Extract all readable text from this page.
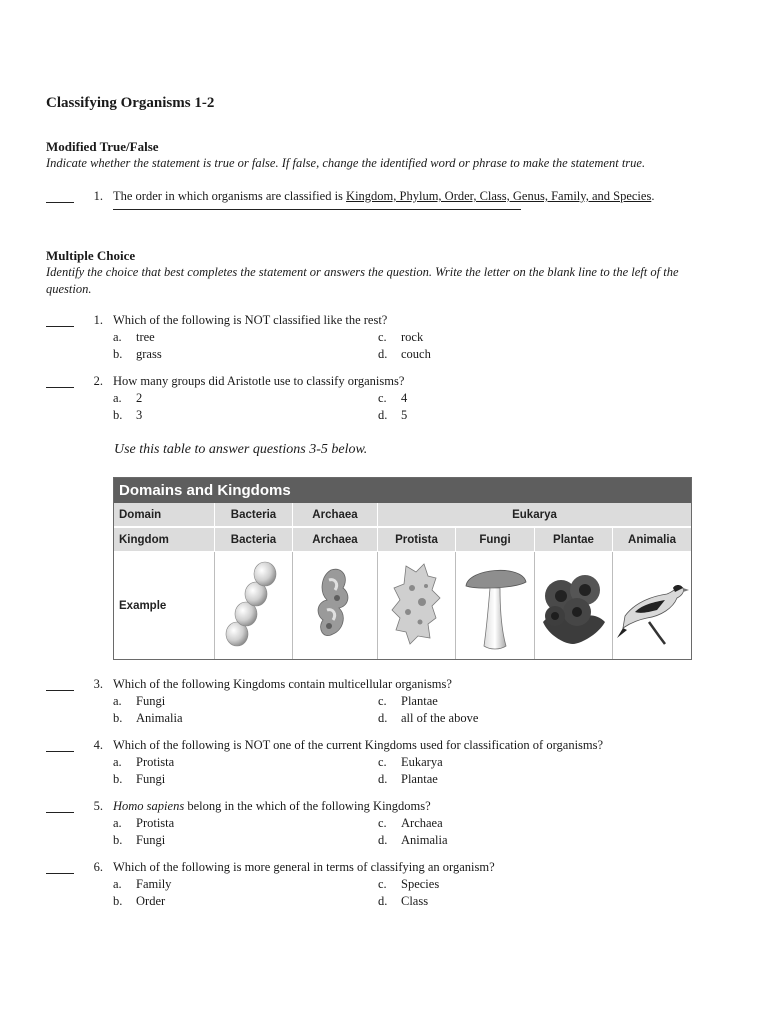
Classifying Organisms 1-2
Modified True/False
Indicate whether the statement is true or false. If false, change the identified word or phrase to make the statement true.
1. The order in which organisms are classified is Kingdom, Phylum, Order, Class, Genus, Family, and Species.
Multiple Choice
Identify the choice that best completes the statement or answers the question. Write the letter on the blank line to the left of the question.
1. Which of the following is NOT classified like the rest?
a. tree
b. grass
c. rock
d. couch
2. How many groups did Aristotle use to classify organisms?
a. 2
b. 3
c. 4
d. 5
Use this table to answer questions 3-5 below.
Domains and Kingdoms
Domain	Bacteria	Archaea	Eukarya
Kingdom	Bacteria	Archaea	Protista	Fungi	Plantae	Animalia
Example
3. Which of the following Kingdoms contain multicellular organisms?
a. Fungi
b. Animalia
c. Plantae
d. all of the above
4. Which of the following is NOT one of the current Kingdoms used for classification of organisms?
a. Protista
b. Fungi
c. Eukarya
d. Plantae
5. Homo sapiens belong in the which of the following Kingdoms?
a. Protista
b. Fungi
c. Archaea
d. Animalia
6. Which of the following is more general in terms of classifying an organism?
a. Family
b. Order
c. Species
d. Class
